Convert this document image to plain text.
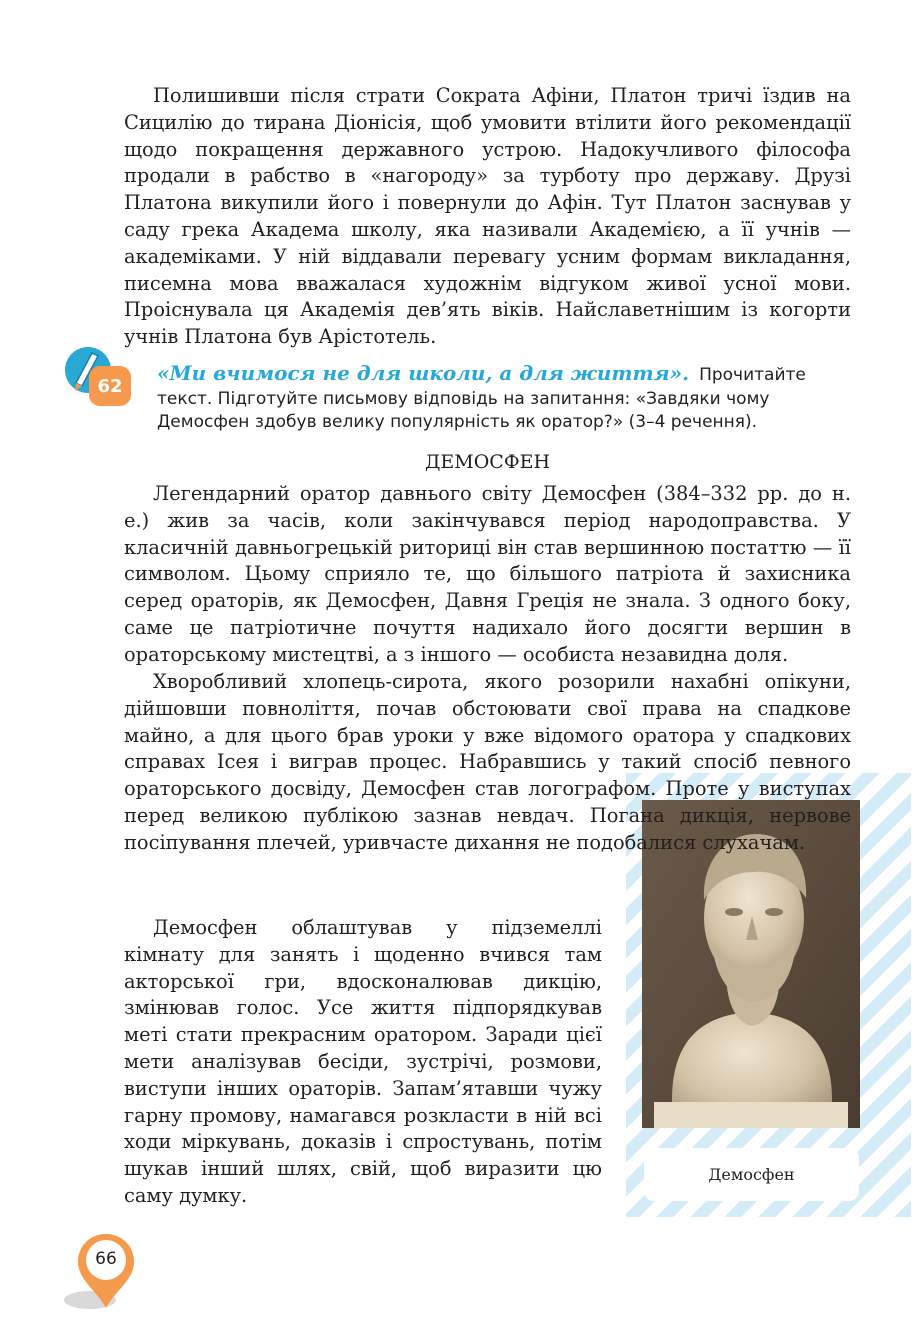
Полишивши після страти Сократа Афіни, Платон тричі їздив на Сицилію до тирана Діонісія, щоб умовити втілити його рекомендації щодо покращення державного устрою. Надокучливого філософа продали в рабство в «нагороду» за турботу про державу. Друзі Платона викупили його і повернули до Афін. Тут Платон заснував у саду грека Академа школу, яка називали Академією, а її учнів — академіками. У ній віддавали перевагу усним формам викладання, писемна мова вважалася художнім відгуком живої усної мови. Проіснувала ця Академія дев’ять віків. Найславетнішим із когорти учнів Платона був Арістотель.

62

«Ми вчимося не для школи, а для життя». Прочитайте текст. Підготуйте письмову відповідь на запитання: «Завдяки чому Демосфен здобув велику популярність як оратор?» (3–4 речення).

ДЕМОСФЕН

Легендарний оратор давнього світу Демосфен (384–332 рр. до н. е.) жив за часів, коли закінчувався період народоправства. У класичній давньогрецькій риториці він став вершинною постаттю — її символом. Цьому сприяло те, що більшого патріота й захисника серед ораторів, як Демосфен, Давня Греція не знала. З одного боку, саме це патріотичне почуття надихало його досягти вершин в ораторському мистецтві, а з іншого — особиста незавидна доля.

Демосфен

Хворобливий хлопець-сирота, якого розорили нахабні опікуни, дійшовши повноліття, почав обстоювати свої права на спадкове майно, а для цього брав уроки у вже відомого оратора у спадкових справах Ісея і виграв процес. Набравшись у такий спосіб певного ораторського досвіду, Демосфен став логографом. Проте у виступах перед великою публікою зазнав невдач. Погана дикція, нервове посіпування плечей, уривчасте дихання не подобалися слухачам.

Демосфен облаштував у підземеллі кімнату для занять і щоденно вчився там акторської гри, вдосконалював дикцію, змінював голос. Усе життя підпорядкував меті стати прекрасним оратором. Заради цієї мети аналізував бесіди, зустрічі, розмови, виступи інших ораторів. Запам’ятавши чужу гарну промову, намагався розкласти в ній всі ходи міркувань, доказів і спростувань, потім шукав інший шлях, свій, щоб виразити цю саму думку.

66
